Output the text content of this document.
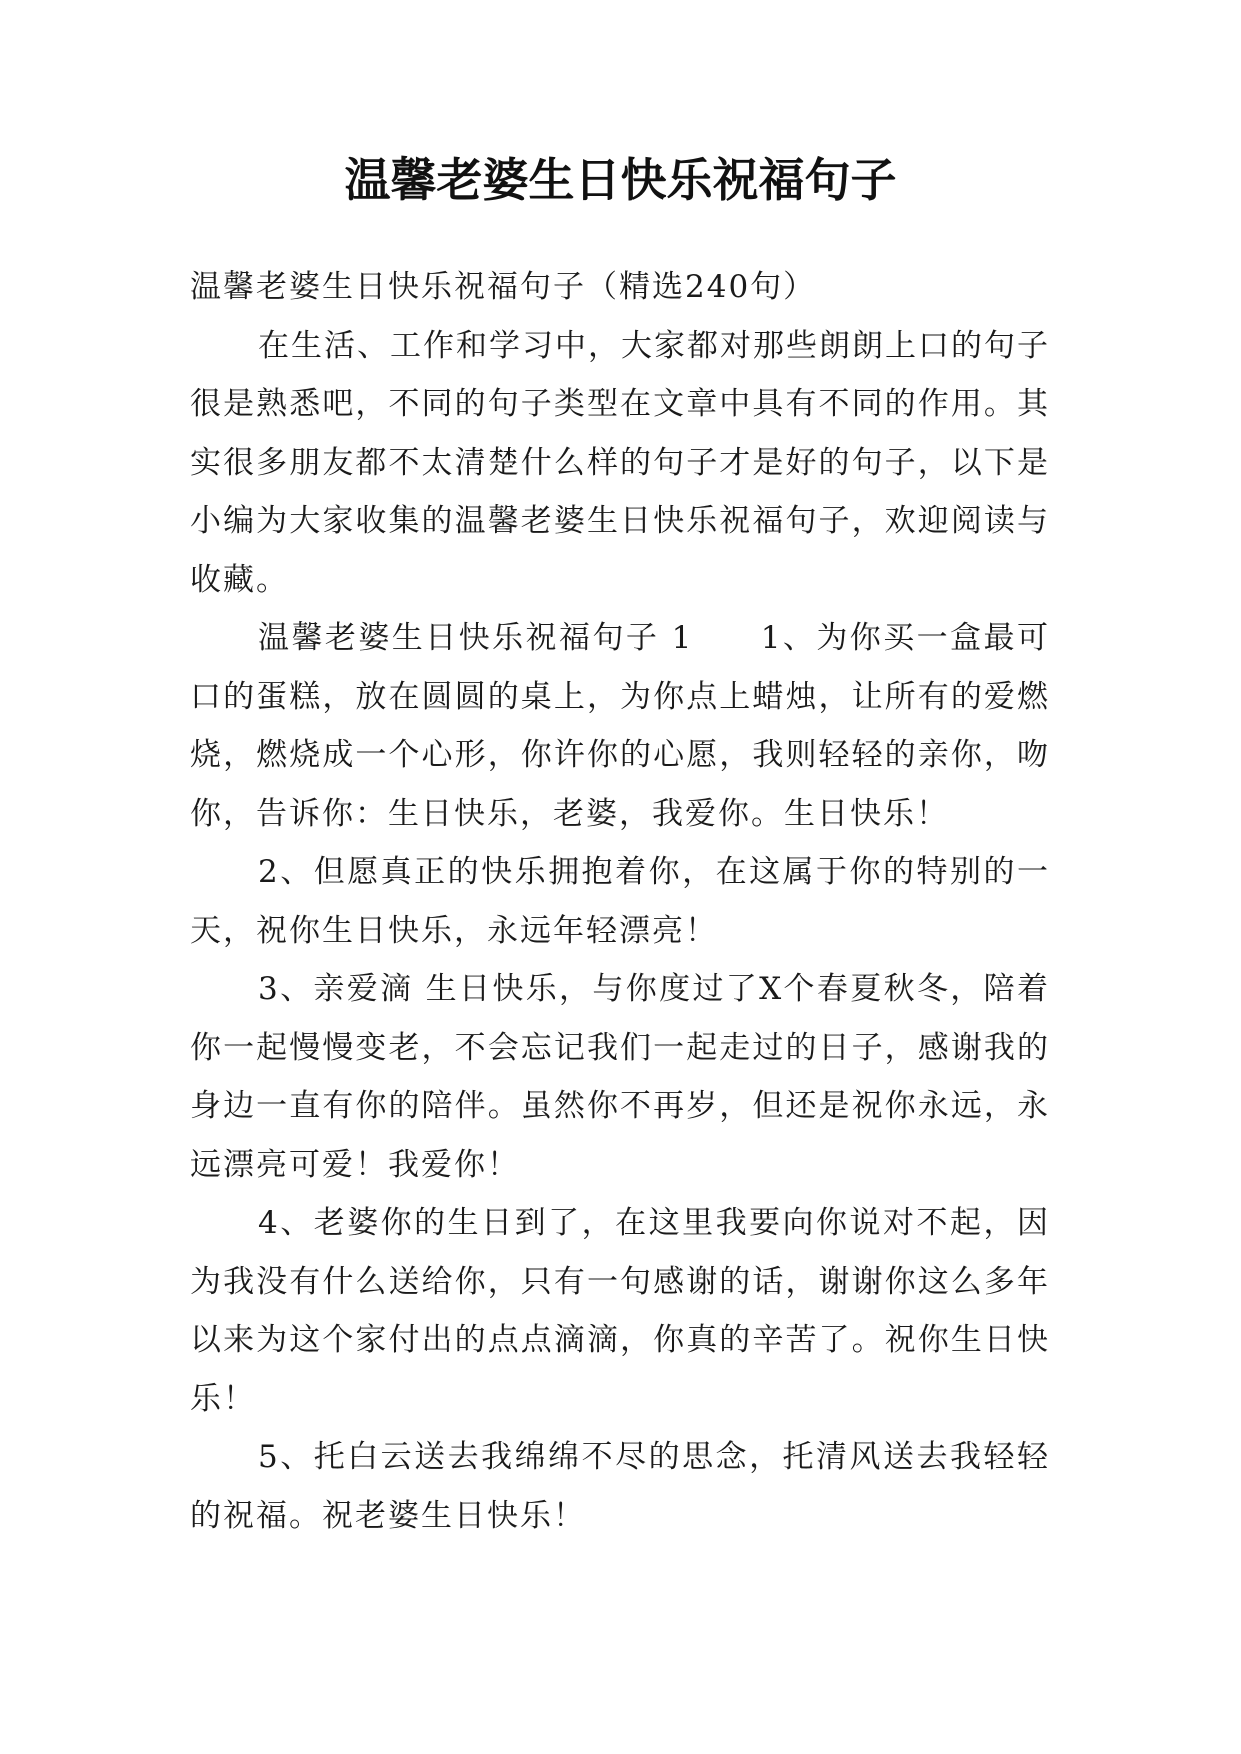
温馨老婆生日快乐祝福句子

温馨老婆生日快乐祝福句子（精选240句）

在生活、工作和学习中，大家都对那些朗朗上口的句子很是熟悉吧，不同的句子类型在文章中具有不同的作用。其实很多朋友都不太清楚什么样的句子才是好的句子，以下是小编为大家收集的温馨老婆生日快乐祝福句子，欢迎阅读与收藏。

温馨老婆生日快乐祝福句子 1　　1、为你买一盒最可口的蛋糕，放在圆圆的桌上，为你点上蜡烛，让所有的爱燃烧，燃烧成一个心形，你许你的心愿，我则轻轻的亲你，吻你，告诉你：生日快乐，老婆，我爱你。生日快乐！

2、但愿真正的快乐拥抱着你，在这属于你的特别的一天，祝你生日快乐，永远年轻漂亮！

3、亲爱滴 生日快乐，与你度过了X个春夏秋冬，陪着你一起慢慢变老，不会忘记我们一起走过的日子，感谢我的身边一直有你的陪伴。虽然你不再岁，但还是祝你永远，永远漂亮可爱！我爱你！

4、老婆你的生日到了，在这里我要向你说对不起，因为我没有什么送给你，只有一句感谢的话，谢谢你这么多年以来为这个家付出的点点滴滴，你真的辛苦了。祝你生日快乐！

5、托白云送去我绵绵不尽的思念，托清风送去我轻轻的祝福。祝老婆生日快乐！
